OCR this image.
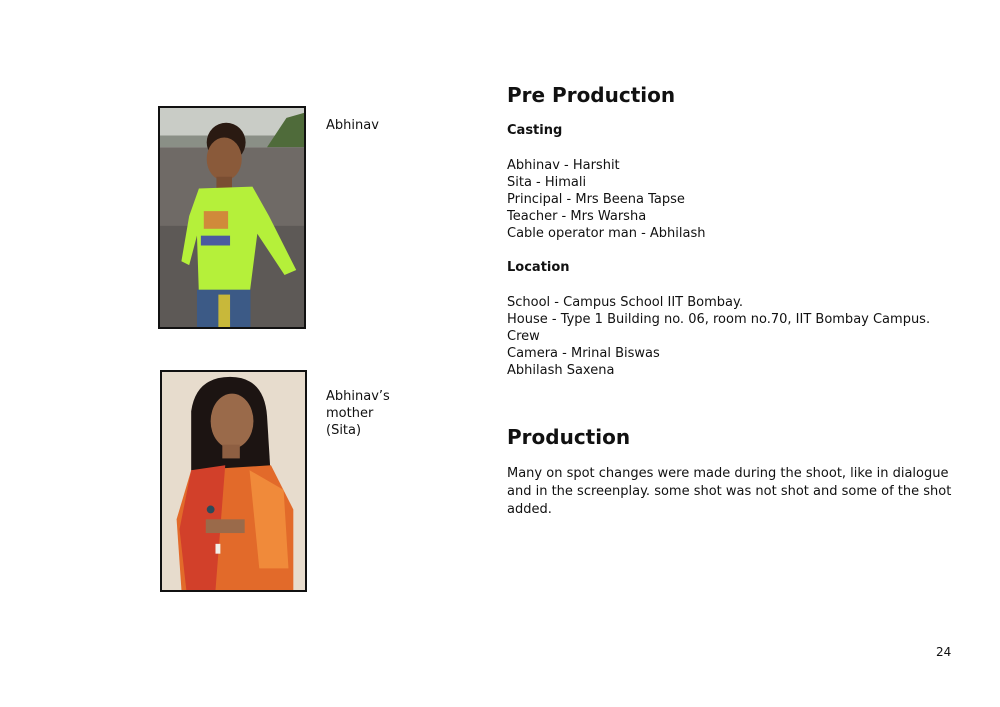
Abhinav
Abhinav’s
mother
(Sita)
Pre Production
Casting
Abhinav - Harshit
Sita - Himali
Principal - Mrs Beena Tapse
Teacher - Mrs Warsha
Cable operator man - Abhilash
Location
School - Campus School IIT Bombay.
House - Type 1 Building no. 06, room no.70, IIT Bombay Campus.
Crew
Camera - Mrinal Biswas
Abhilash Saxena
Production
Many on spot changes were made during the shoot, like in dialogue and in the screenplay. some shot was not shot and some of the shot added.
24
